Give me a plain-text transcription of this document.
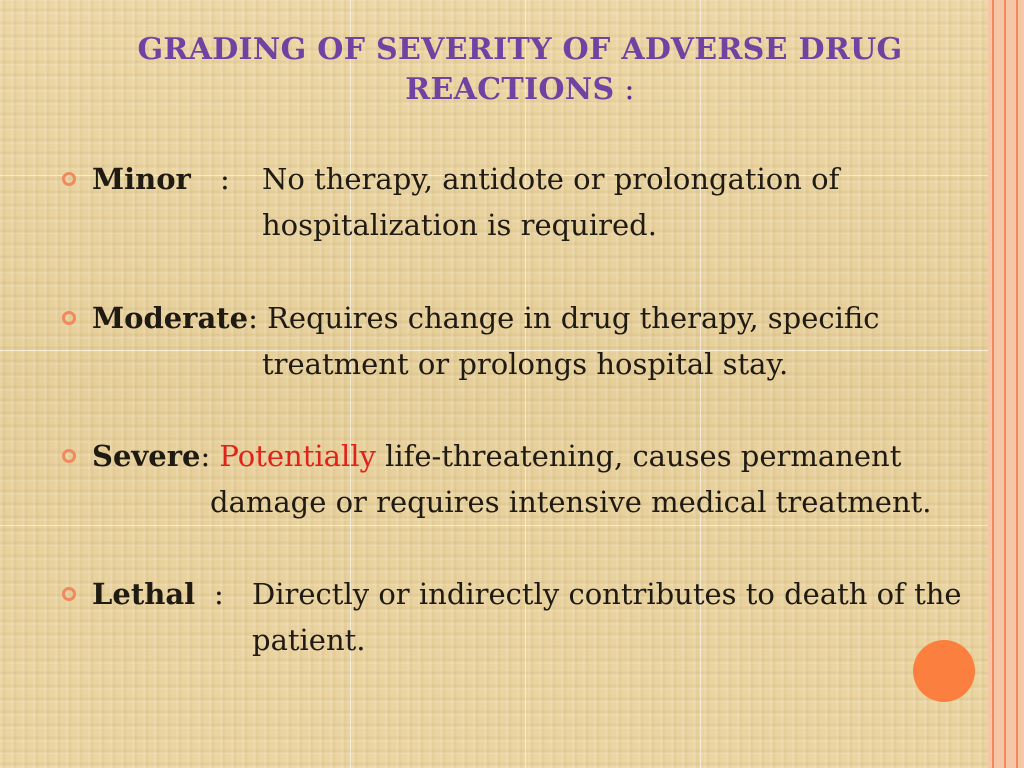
GRADING OF SEVERITY OF ADVERSE DRUG
REACTIONS :
Minor : No therapy, antidote or prolongation of
hospitalization is required.
Moderate: Requires change in drug therapy, specific
treatment or prolongs hospital stay.
Severe: Potentially life-threatening, causes permanent
damage or requires intensive medical treatment.
Lethal : Directly or indirectly contributes to death of the
patient.
